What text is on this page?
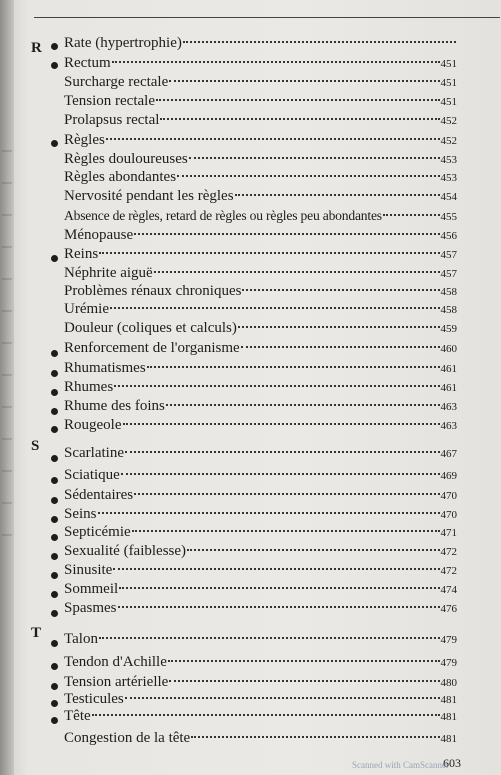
R
S
T
Rate (hypertrophie)
Rectum	451
Surcharge rectale	451
Tension rectale	451
Prolapsus rectal	452
Règles	452
Règles douloureuses	453
Règles abondantes	453
Nervosité pendant les règles	454
Absence de règles, retard de règles ou règles peu abondantes	455
Ménopause	456
Reins	457
Néphrite aiguë	457
Problèmes rénaux chroniques	458
Urémie	458
Douleur (coliques et calculs)	459
Renforcement de l'organisme	460
Rhumatismes	461
Rhumes	461
Rhume des foins	463
Rougeole	463
Scarlatine	467
Sciatique	469
Sédentaires	470
Seins	470
Septicémie	471
Sexualité (faiblesse)	472
Sinusite	472
Sommeil	474
Spasmes	476
Talon	479
Tendon d'Achille	479
Tension artérielle	480
Testicules	481
Tête	481
Congestion de la tête	481
603
Scanned with CamScanner
